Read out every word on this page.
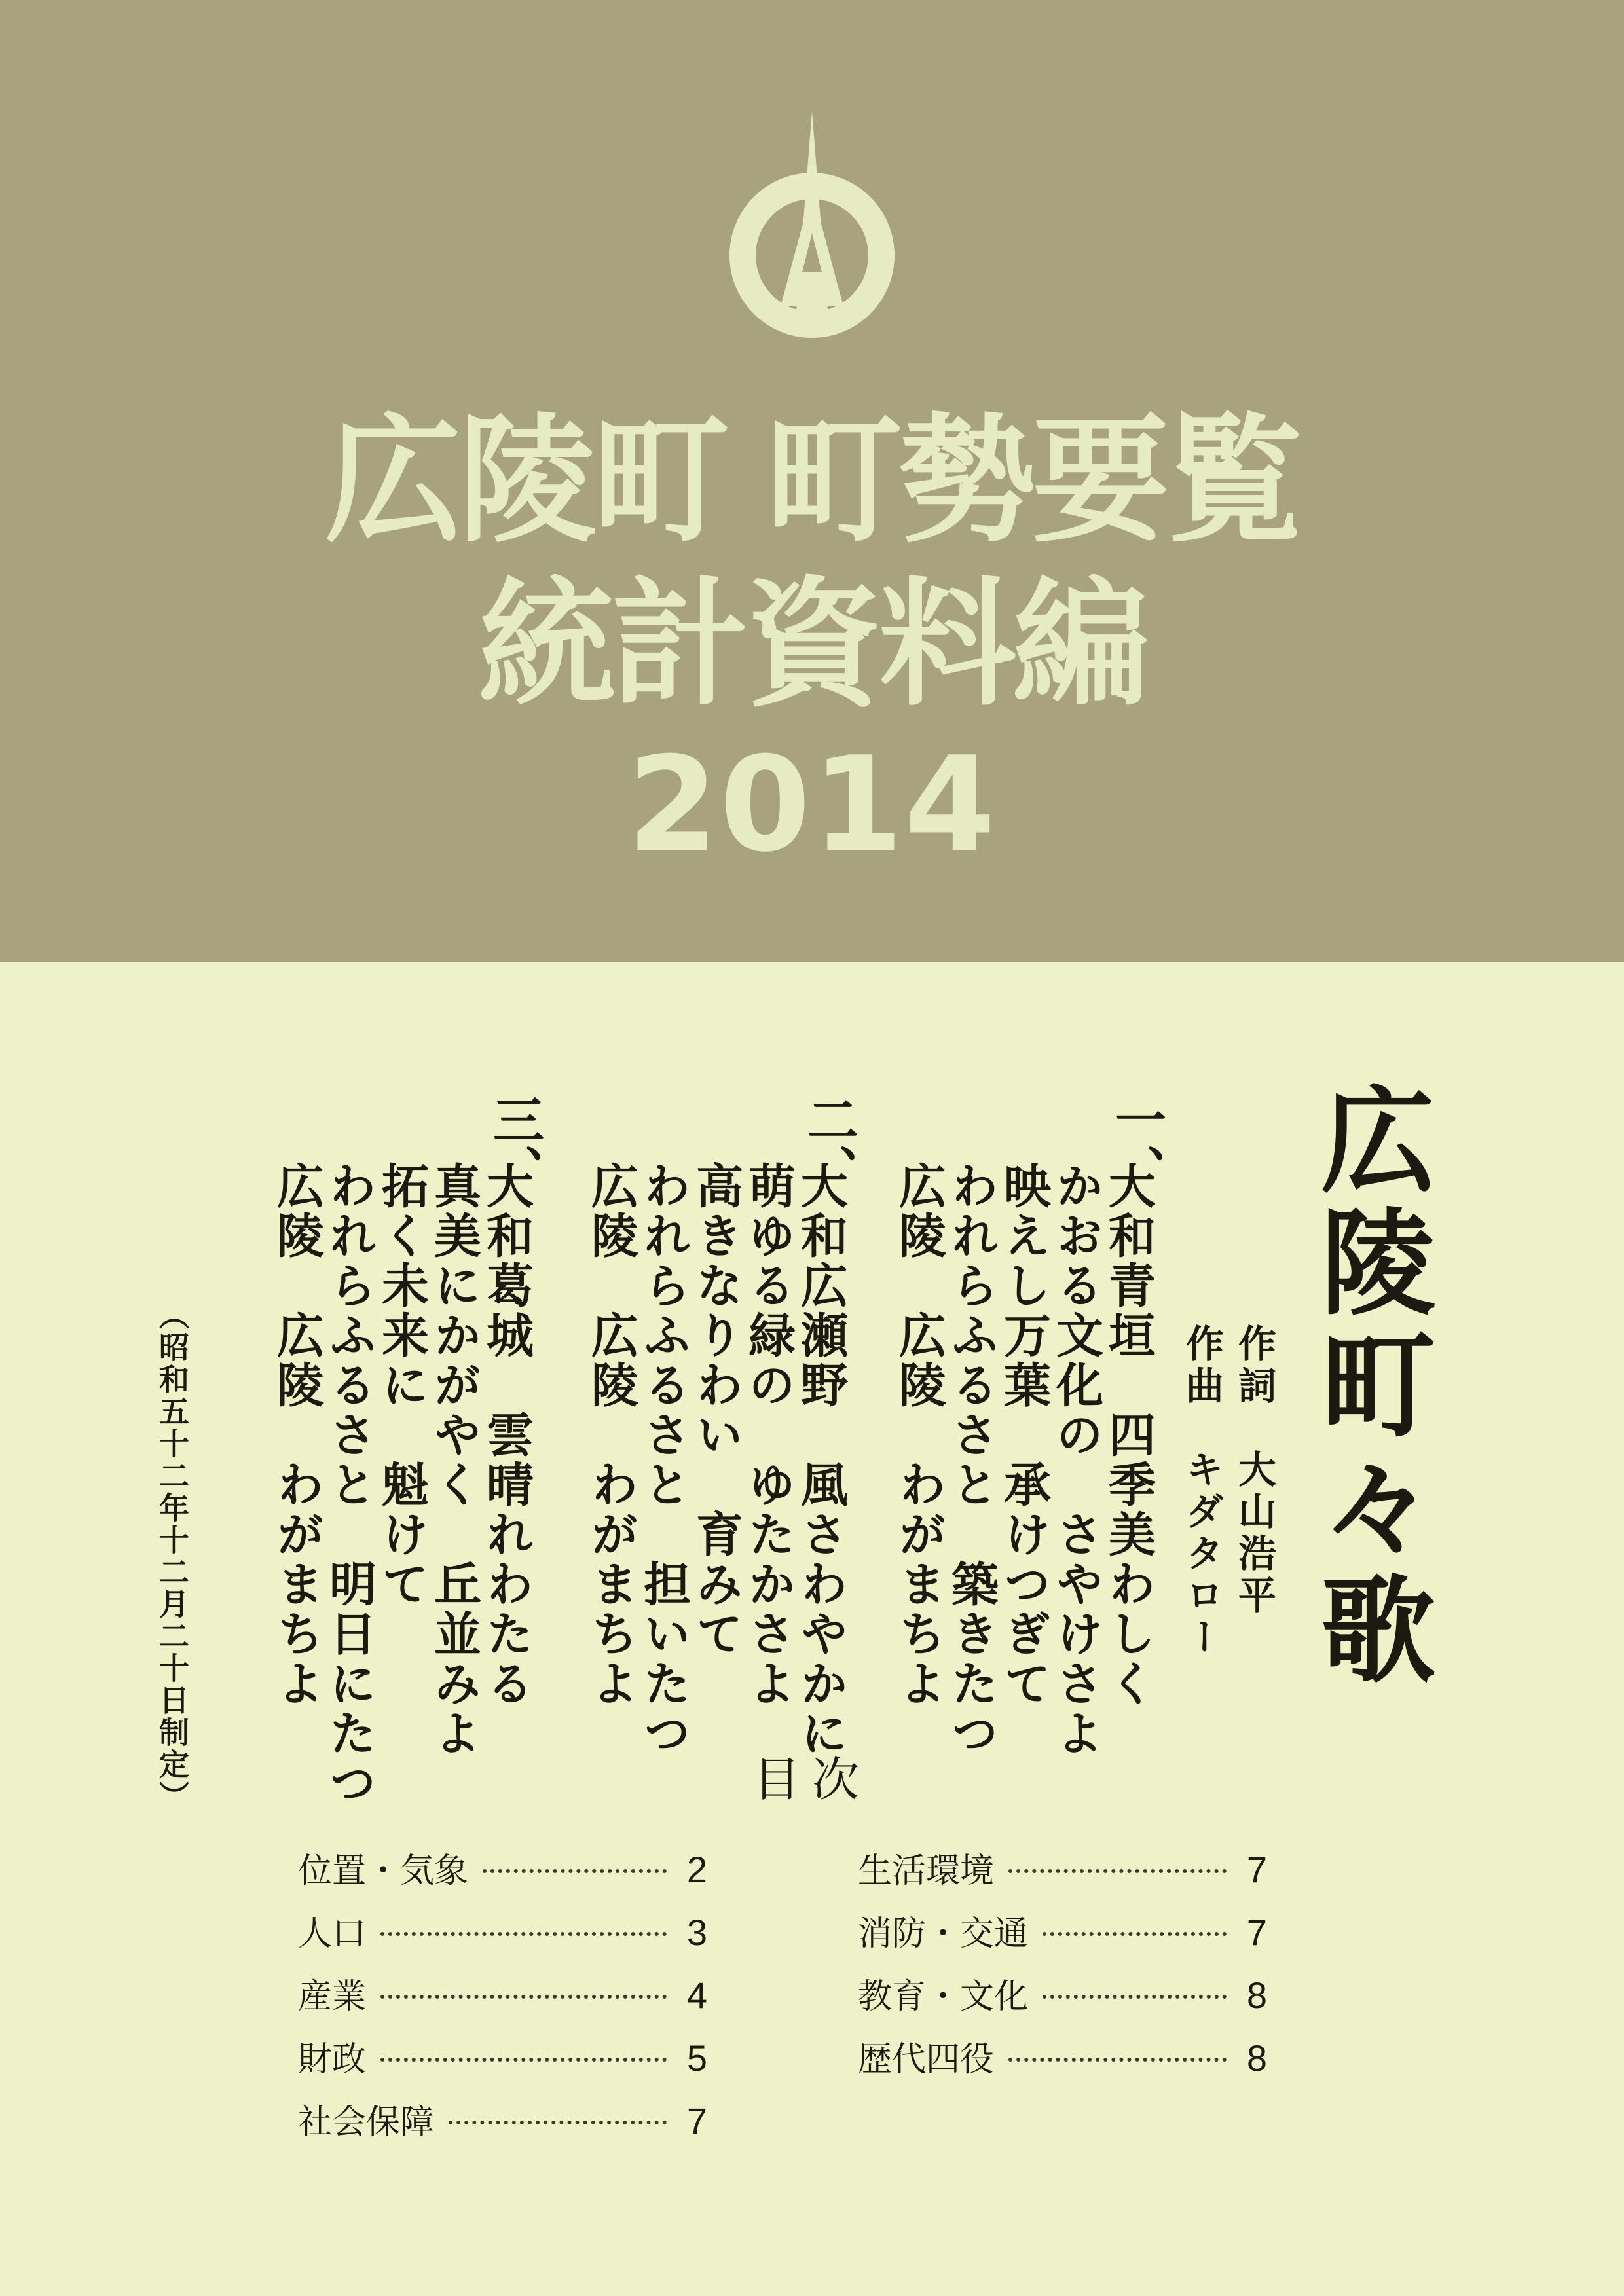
広陵町 町勢要覧
統計資料編
2014
広陵町々歌
作詞　大山浩平
作曲　キダタロー
一、
大和青垣　四季美わしく
かおる文化の　さやけさよ
映えし万葉　承けつぎて
われらふるさと　築きたつ
広陵　広陵　わがまちよ
二、
大和広瀬野　風さわやかに
萌ゆる緑の　ゆたかさよ
高きなりわい　育みて
われらふるさと　担いたつ
広陵　広陵　わがまちよ
三、
大和葛城　雲晴れわたる
真美にかがやく　丘並みよ
拓く未来に　魁けて
われらふるさと　明日にたつ
広陵　広陵　わがまちよ
（昭和五十二年十二月二十日制定）	目次
位置・気象	2
人口	3
産業	4
財政	5
社会保障	7
生活環境	7
消防・交通	7
教育・文化	8
歴代四役	8
